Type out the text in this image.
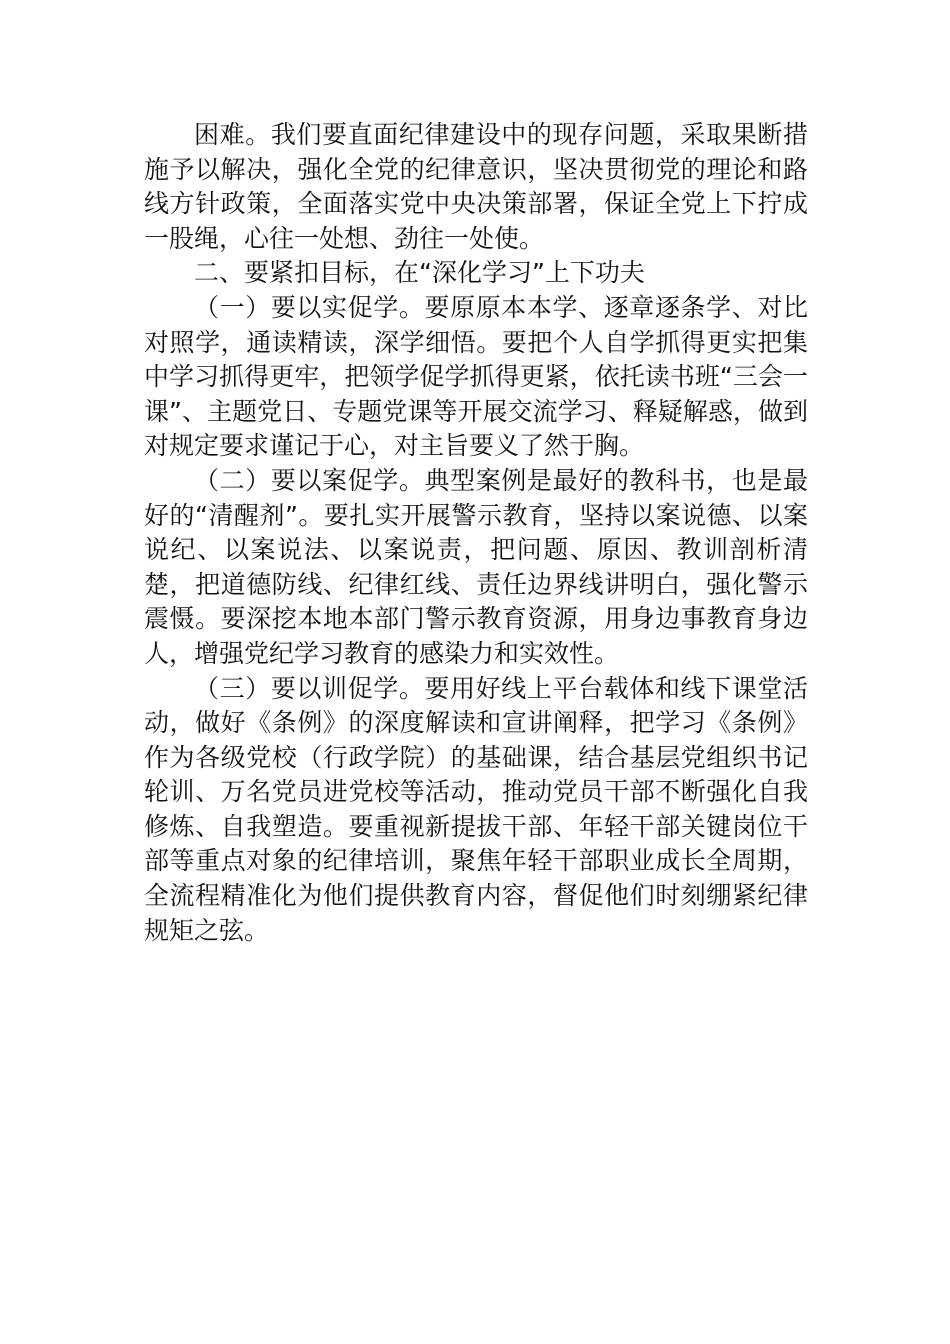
困难。我们要直面纪律建设中的现存问题，采取果断措施予以解决，强化全党的纪律意识，坚决贯彻党的理论和路线方针政策，全面落实党中央决策部署，保证全党上下拧成一股绳，心往一处想、劲往一处使。

二、要紧扣目标，在“深化学习”上下功夫

（一）要以实促学。要原原本本学、逐章逐条学、对比对照学，通读精读，深学细悟。要把个人自学抓得更实把集中学习抓得更牢，把领学促学抓得更紧，依托读书班“三会一课”、主题党日、专题党课等开展交流学习、释疑解惑，做到对规定要求谨记于心，对主旨要义了然于胸。

（二）要以案促学。典型案例是最好的教科书，也是最好的“清醒剂”。要扎实开展警示教育，坚持以案说德、以案说纪、以案说法、以案说责，把问题、原因、教训剖析清楚，把道德防线、纪律红线、责任边界线讲明白，强化警示震慑。要深挖本地本部门警示教育资源，用身边事教育身边人，增强党纪学习教育的感染力和实效性。

（三）要以训促学。要用好线上平台载体和线下课堂活动，做好《条例》的深度解读和宣讲阐释，把学习《条例》作为各级党校（行政学院）的基础课，结合基层党组织书记轮训、万名党员进党校等活动，推动党员干部不断强化自我修炼、自我塑造。要重视新提拔干部、年轻干部关键岗位干部等重点对象的纪律培训，聚焦年轻干部职业成长全周期，全流程精准化为他们提供教育内容，督促他们时刻绷紧纪律规矩之弦。
